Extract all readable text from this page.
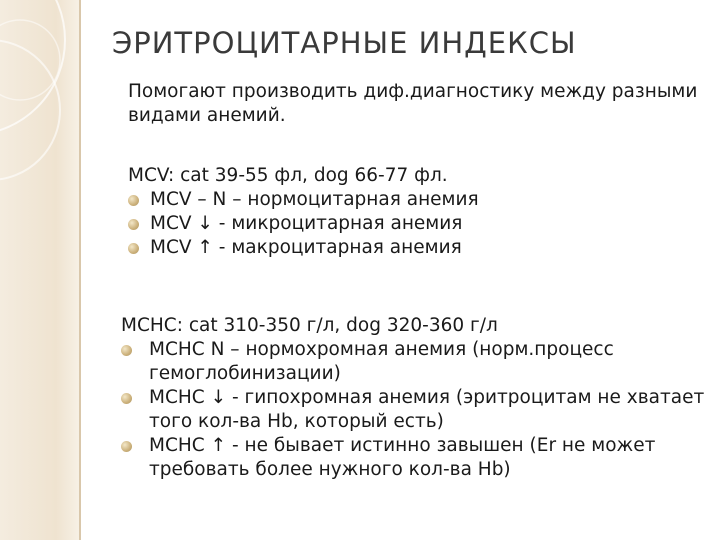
ЭРИТРОЦИТАРНЫЕ ИНДЕКСЫ
Помогают производить диф.диагностику между разными видами анемий.

MCV: cat 39-55 фл, dog 66-77 фл.

MCV – N – нормоцитарная анемия
MCV ↓ - микроцитарная анемия
MCV ↑ - макроцитарная анемия

MCHC: cat 310-350 г/л, dog 320-360 г/л

MCHC N – нормохромная анемия (норм.процесс гемоглобинизации)
MCHC ↓ - гипохромная анемия (эритроцитам не хватает того кол-ва Hb, который есть)
MCHC ↑ - не бывает истинно завышен (Er не может требовать более нужного кол-ва Hb)
